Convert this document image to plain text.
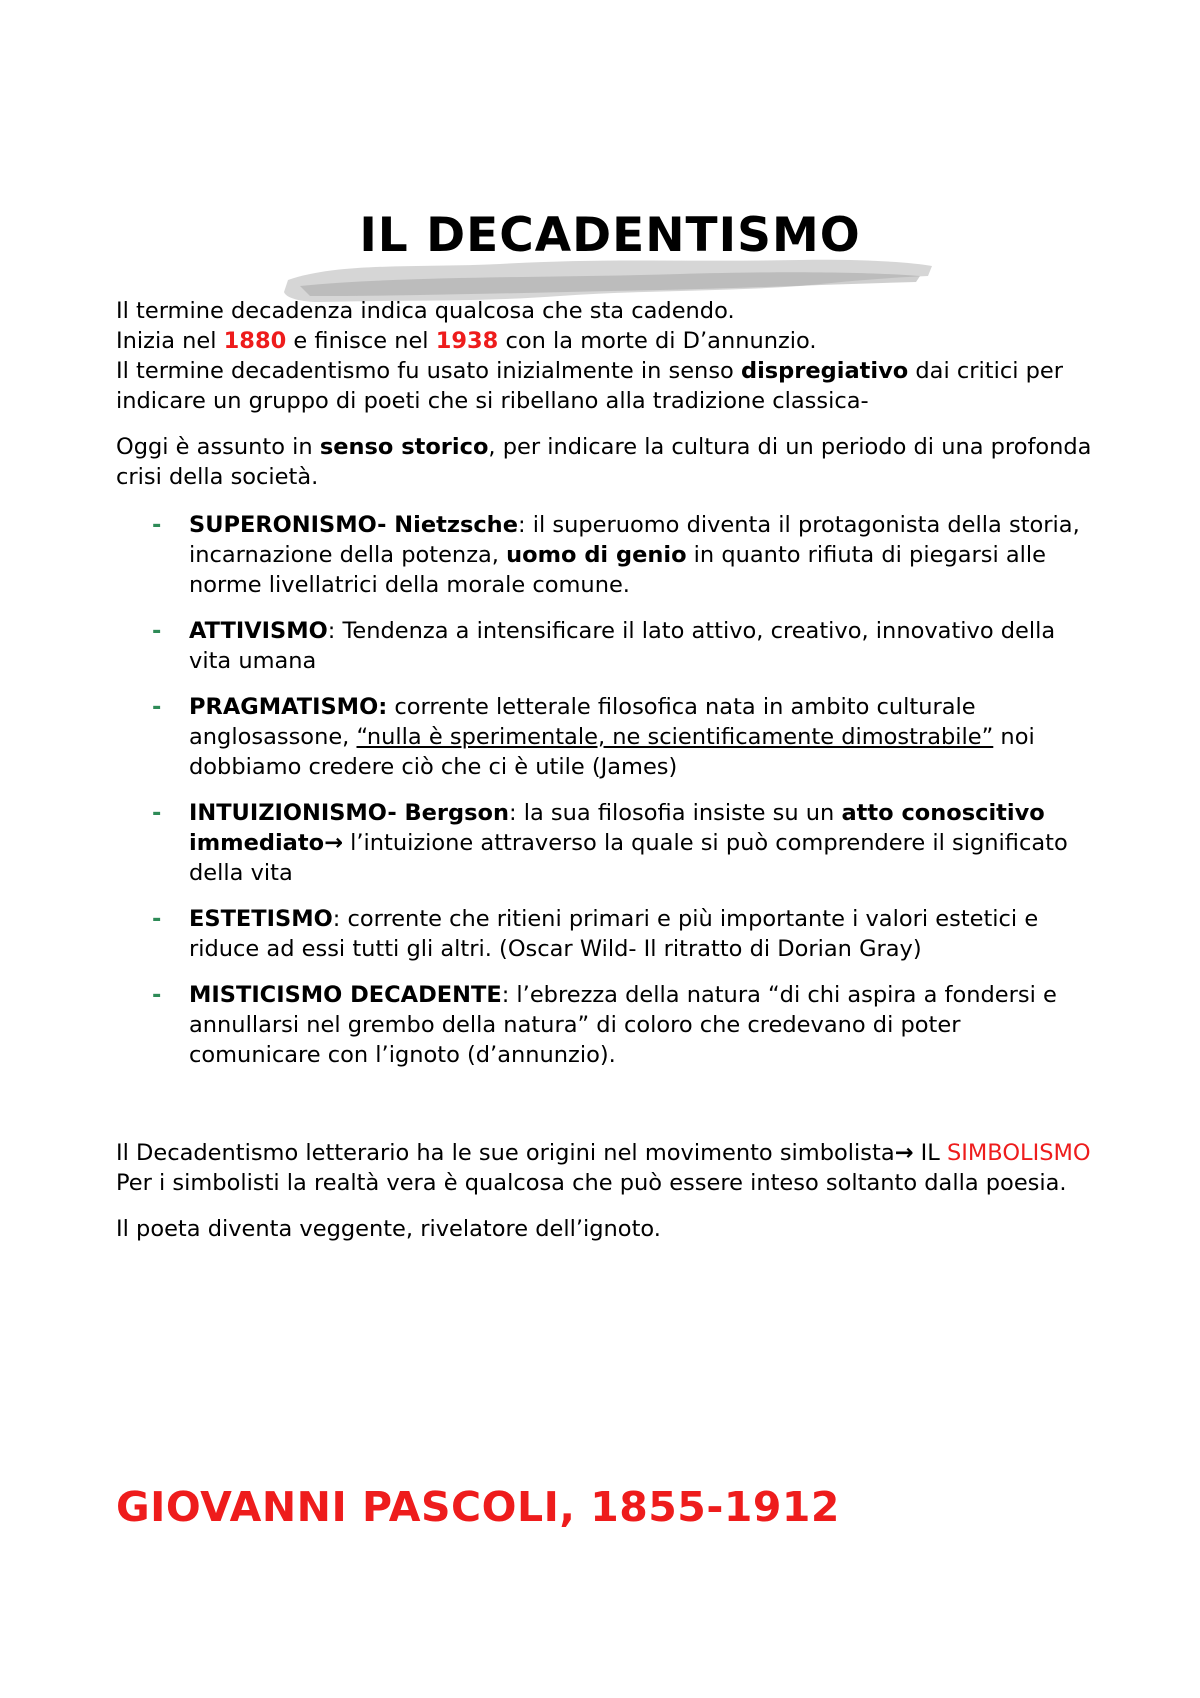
IL DECADENTISMO

Il termine decadenza indica qualcosa che sta cadendo.
Inizia nel 1880 e finisce nel 1938 con la morte di D’annunzio.
Il termine decadentismo fu usato inizialmente in senso dispregiativo dai critici per indicare un gruppo di poeti che si ribellano alla tradizione classica-

Oggi è assunto in senso storico, per indicare la cultura di un periodo di una profonda crisi della società.

- SUPERONISMO- Nietzsche: il superuomo diventa il protagonista della storia, incarnazione della potenza, uomo di genio in quanto rifiuta di piegarsi alle norme livellatrici della morale comune.
- ATTIVISMO: Tendenza a intensificare il lato attivo, creativo, innovativo della vita umana
- PRAGMATISMO: corrente letterale filosofica nata in ambito culturale anglosassone, “nulla è sperimentale, ne scientificamente dimostrabile” noi dobbiamo credere ciò che ci è utile (James)
- INTUIZIONISMO- Bergson: la sua filosofia insiste su un atto conoscitivo immediato→ l’intuizione attraverso la quale si può comprendere il significato della vita
- ESTETISMO: corrente che ritieni primari e più importante i valori estetici e riduce ad essi tutti gli altri. (Oscar Wild- Il ritratto di Dorian Gray)
- MISTICISMO DECADENTE: l’ebrezza della natura “di chi aspira a fondersi e annullarsi nel grembo della natura” di coloro che credevano di poter comunicare con l’ignoto (d’annunzio).

Il Decadentismo letterario ha le sue origini nel movimento simbolista→ IL SIMBOLISMO Per i simbolisti la realtà vera è qualcosa che può essere inteso soltanto dalla poesia.

Il poeta diventa veggente, rivelatore dell’ignoto.

GIOVANNI PASCOLI, 1855-1912
